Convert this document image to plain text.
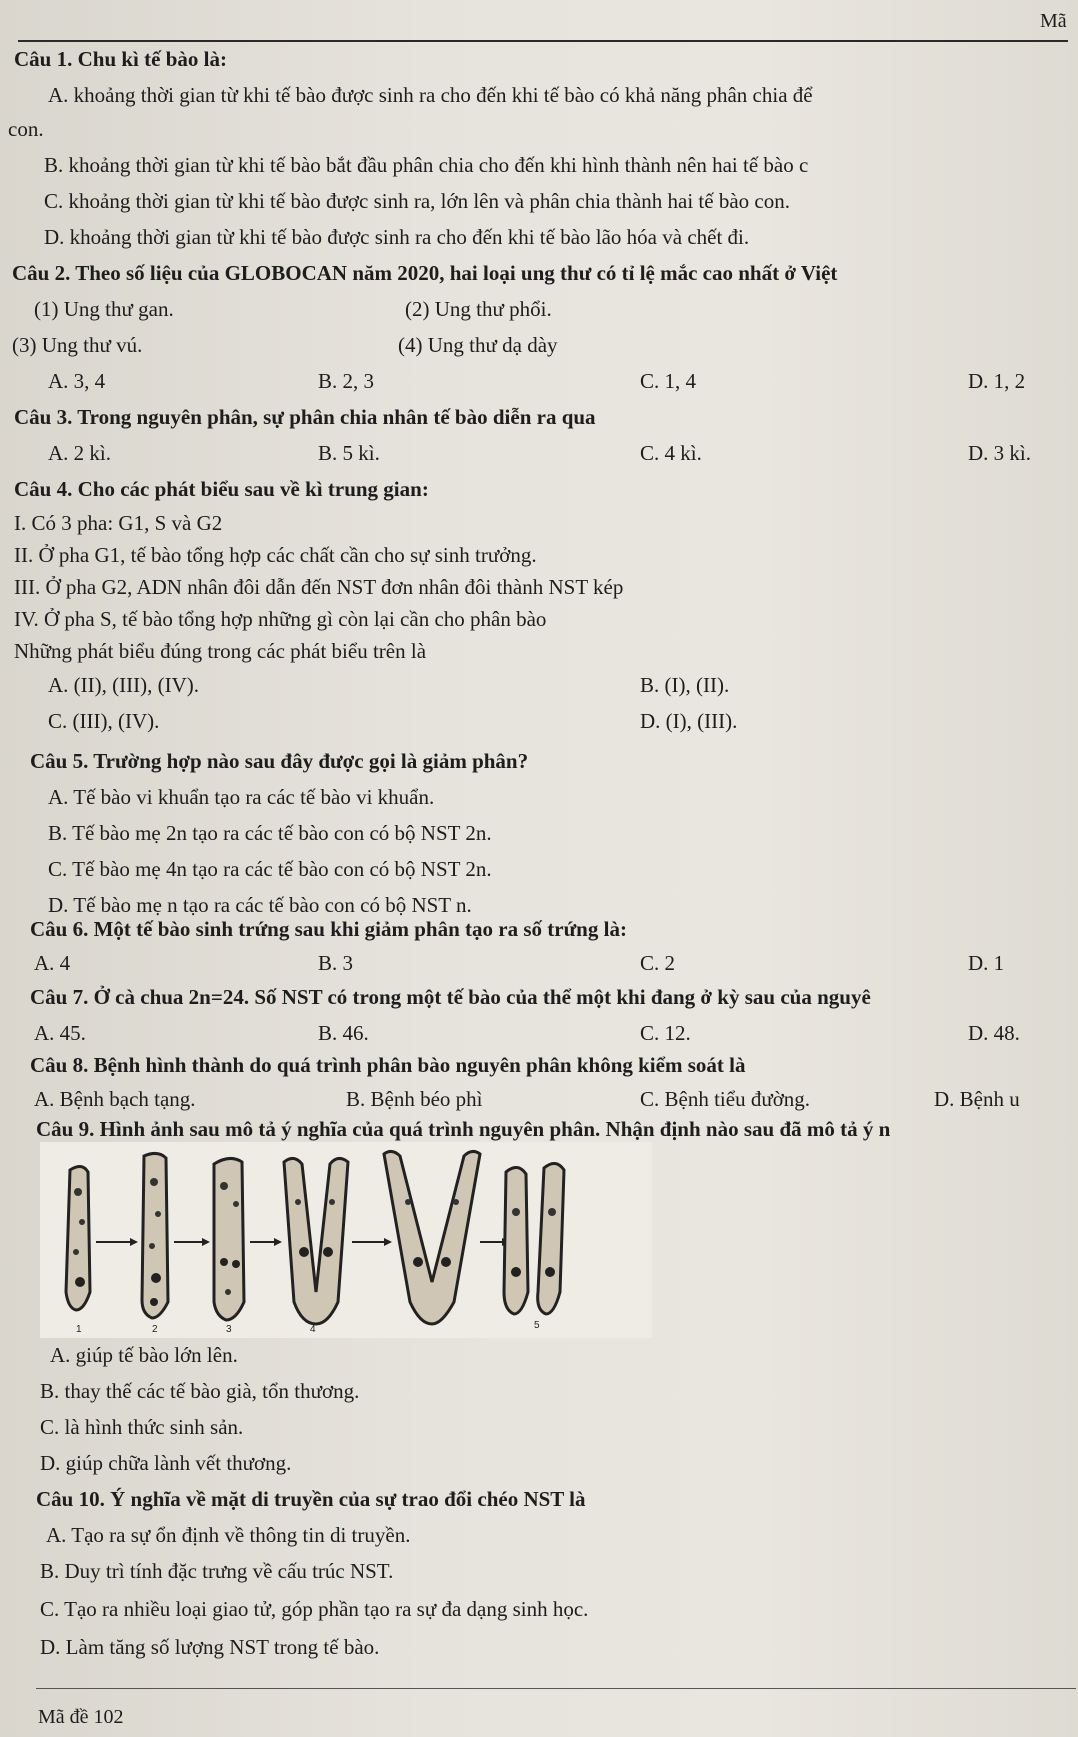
Mã
Câu 1. Chu kì tế bào là:
A. khoảng thời gian từ khi tế bào được sinh ra cho đến khi tế bào có khả năng phân chia để
con.
B. khoảng thời gian từ khi tế bào bắt đầu phân chia cho đến khi hình thành nên hai tế bào c
C. khoảng thời gian từ khi tế bào được sinh ra, lớn lên và phân chia thành hai tế bào con.
D. khoảng thời gian từ khi tế bào được sinh ra cho đến khi tế bào lão hóa và chết đi.
Câu 2. Theo số liệu của GLOBOCAN năm 2020, hai loại ung thư có tỉ lệ mắc cao nhất ở Việt
(1) Ung thư gan.	(2) Ung thư phổi.
(3) Ung thư vú.	(4) Ung thư dạ dày
A. 3, 4	B. 2, 3	C. 1, 4	D. 1, 2
Câu 3. Trong nguyên phân, sự phân chia nhân tế bào diễn ra qua
A. 2 kì.	B. 5 kì.	C. 4 kì.	D. 3 kì.
Câu 4. Cho các phát biểu sau về kì trung gian:
I. Có 3 pha: G1, S và G2
II. Ở pha G1, tế bào tổng hợp các chất cần cho sự sinh trưởng.
III. Ở pha G2, ADN nhân đôi dẫn đến NST đơn nhân đôi thành NST kép
IV. Ở pha S, tế bào tổng hợp những gì còn lại cần cho phân bào
Những phát biểu đúng trong các phát biểu trên là
A. (II), (III), (IV).	B. (I), (II).
C. (III), (IV).	D. (I), (III).
Câu 5. Trường hợp nào sau đây được gọi là giảm phân?
A. Tế bào vi khuẩn tạo ra các tế bào vi khuẩn.
B. Tế bào mẹ 2n tạo ra các tế bào con có bộ NST 2n.
C. Tế bào mẹ 4n tạo ra các tế bào con có bộ NST 2n.
D. Tế bào mẹ n tạo ra các tế bào con có bộ NST n.
Câu 6. Một tế bào sinh trứng sau khi giảm phân tạo ra số trứng là:
A. 4	B. 3	C. 2	D. 1
Câu 7. Ở cà chua 2n=24. Số NST có trong một tế bào của thể một khi đang ở kỳ sau của nguyê
A. 45.	B. 46.	C. 12.	D. 48.
Câu 8. Bệnh hình thành do quá trình phân bào nguyên phân không kiểm soát là
A. Bệnh bạch tạng.	B. Bệnh béo phì	C. Bệnh tiểu đường.	D. Bệnh u
Câu 9. Hình ảnh sau mô tả ý nghĩa của quá trình nguyên phân. Nhận định nào sau đã mô tả ý n
1	2	3	4	5
A. giúp tế bào lớn lên.
B. thay thế các tế bào già, tổn thương.
C. là hình thức sinh sản.
D. giúp chữa lành vết thương.
Câu 10. Ý nghĩa về mặt di truyền của sự trao đổi chéo NST là
A. Tạo ra sự ổn định về thông tin di truyền.
B. Duy trì tính đặc trưng về cấu trúc NST.
C. Tạo ra nhiều loại giao tử, góp phần tạo ra sự đa dạng sinh học.
D. Làm tăng số lượng NST trong tế bào.
Mã đề 102
